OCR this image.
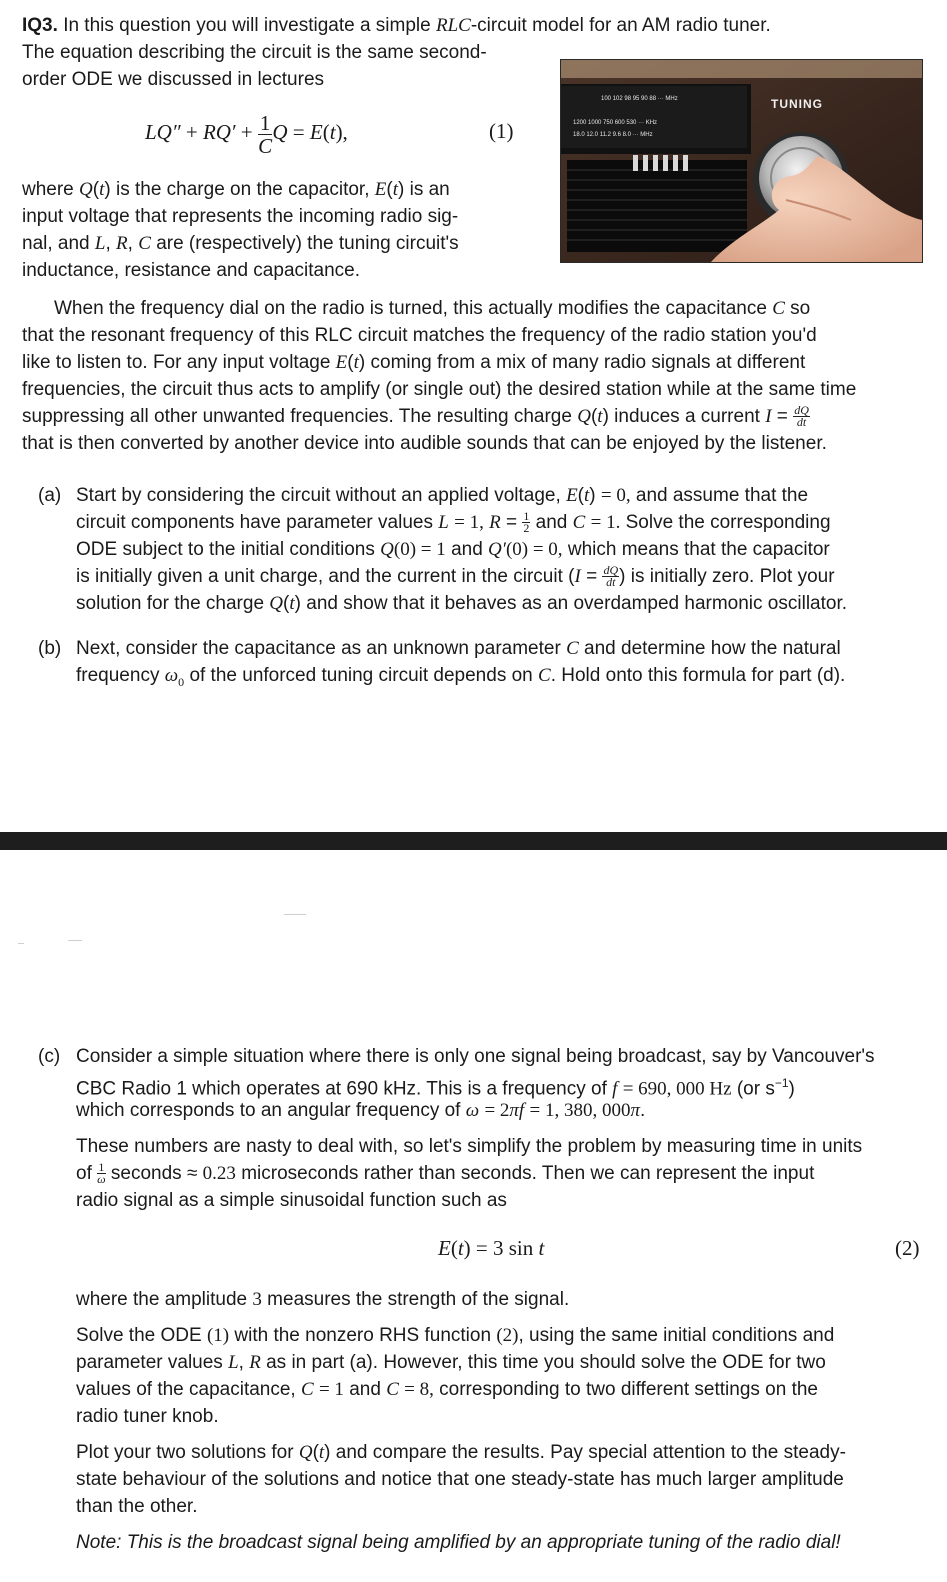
IQ3. In this question you will investigate a simple RLC-circuit model for an AM radio tuner.
The equation describing the circuit is the same second-
order ODE we discussed in lectures
$LQ'' + RQ' + \frac{1}{C}$ Q = E(t),	(1)
100 102 98 95 90 88 ··· MHz
1200 1000 750 600 530 ··· KHz
18.0 12.0 11.2 9.6 8.0 ··· MHz
TUNING
where Q(t) is the charge on the capacitor, E(t) is an
input voltage that represents the incoming radio sig-
nal, and L, R, C are (respectively) the tuning circuit's
inductance, resistance and capacitance.
When the frequency dial on the radio is turned, this actually modifies the capacitance C so
that the resonant frequency of this RLC circuit matches the frequency of the radio station you'd
like to listen to. For any input voltage E(t) coming from a mix of many radio signals at different
frequencies, the circuit thus acts to amplify (or single out) the desired station while at the same time
suppressing all other unwanted frequencies. The resulting charge Q(t) induces a current $I = \frac{dQ}{dt}$
that is then converted by another device into audible sounds that can be enjoyed by the listener.
(a) Start by considering the circuit without an applied voltage, E(t) = 0, and assume that the
circuit components have parameter values L = 1, $R = \frac{1}{2}$ and C = 1. Solve the corresponding
ODE subject to the initial conditions Q(0) = 1 and Q′(0) = 0, which means that the capacitor
is initially given a unit charge, and the current in the circuit ($I = \frac{dQ}{dt}$ ) is initially zero. Plot your
solution for the charge Q(t) and show that it behaves as an overdamped harmonic oscillator.
(b) Next, consider the capacitance as an unknown parameter C and determine how the natural
frequency $\omega_0$ of the unforced tuning circuit depends on C. Hold onto this formula for part (d).
(c) Consider a simple situation where there is only one signal being broadcast, say by Vancouver's
CBC Radio 1 which operates at 690 kHz. This is a frequency of f = 690, 000 Hz (or $s^{-1}$)
which corresponds to an angular frequency of ω = 2πf = 1, 380, 000π.
These numbers are nasty to deal with, so let's simplify the problem by measuring time in units
of $\frac{1}{\omega}$ seconds ≈ 0.23 microseconds rather than seconds. Then we can represent the input
radio signal as a simple sinusoidal function such as
E(t) = 3 sin t	(2)
where the amplitude 3 measures the strength of the signal.
Solve the ODE (1) with the nonzero RHS function (2), using the same initial conditions and
parameter values L, R as in part (a). However, this time you should solve the ODE for two
values of the capacitance, C = 1 and C = 8, corresponding to two different settings on the
radio tuner knob.
Plot your two solutions for Q(t) and compare the results. Pay special attention to the steady-
state behaviour of the solutions and notice that one steady-state has much larger amplitude
than the other.
Note: This is the broadcast signal being amplified by an appropriate tuning of the radio dial!
